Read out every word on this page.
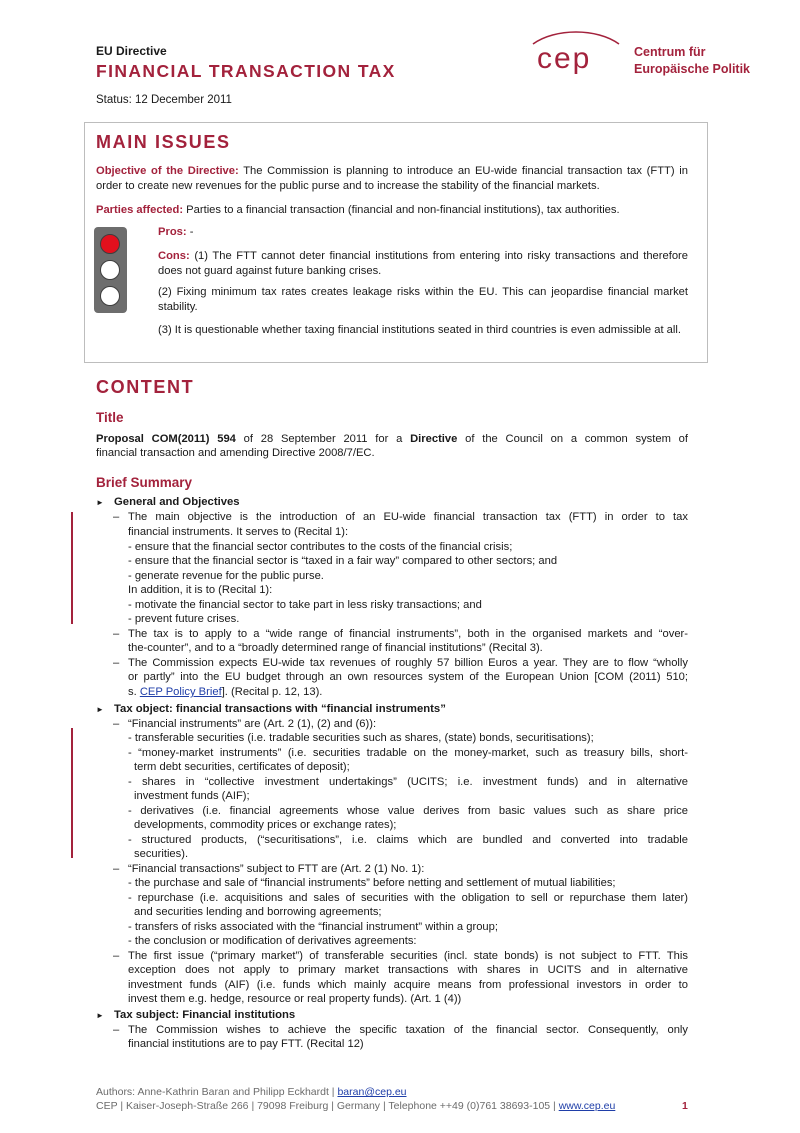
EU Directive
FINANCIAL TRANSACTION TAX
Status: 12 December 2011
cep	Centrum für
Europäische Politik
MAIN ISSUES
Objective of the Directive: The Commission is planning to introduce an EU-wide financial transaction tax (FTT) in order to create new revenues for the public purse and to increase the stability of the financial markets.
Parties affected: Parties to a financial transaction (financial and non-financial institutions), tax authorities.
Pros: -
Cons: (1) The FTT cannot deter financial institutions from entering into risky transactions and therefore does not guard against future banking crises.
(2) Fixing minimum tax rates creates leakage risks within the EU. This can jeopardise financial market stability.
(3) It is questionable whether taxing financial institutions seated in third countries is even admissible at all.
CONTENT
Title
Proposal COM(2011) 594 of 28 September 2011 for a Directive of the Council on a common system of
financial transaction and amending Directive 2008/7/EC.
Brief Summary
► General and Objectives
– The main objective is the introduction of an EU-wide financial transaction tax (FTT) in order to tax
financial instruments. It serves to (Recital 1):
- ensure that the financial sector contributes to the costs of the financial crisis;
- ensure that the financial sector is “taxed in a fair way” compared to other sectors; and
- generate revenue for the public purse.
In addition, it is to (Recital 1):
- motivate the financial sector to take part in less risky transactions; and
- prevent future crises.
– The tax is to apply to a “wide range of financial instruments”, both in the organised markets and “over-
the-counter”, and to a “broadly determined range of financial institutions” (Recital 3).
– The Commission expects EU-wide tax revenues of roughly 57 billion Euros a year. They are to flow “wholly
or partly” into the EU budget through an own resources system of the European Union [COM (2011) 510;
s. CEP Policy Brief]. (Recital p. 12, 13).
► Tax object: financial transactions with “financial instruments”
– “Financial instruments” are (Art. 2 (1), (2) and (6)):
- transferable securities (i.e. tradable securities such as shares, (state) bonds, securitisations);
- “money-market instruments” (i.e. securities tradable on the money-market, such as treasury bills, short-
term debt securities, certificates of deposit);
- shares in “collective investment undertakings” (UCITS; i.e. investment funds) and in alternative
investment funds (AIF);
- derivatives (i.e. financial agreements whose value derives from basic values such as share price
developments, commodity prices or exchange rates);
- structured products, (“securitisations”, i.e. claims which are bundled and converted into tradable
securities).
– “Financial transactions” subject to FTT are (Art. 2 (1) No. 1):
- the purchase and sale of “financial instruments” before netting and settlement of mutual liabilities;
- repurchase (i.e. acquisitions and sales of securities with the obligation to sell or repurchase them later)
and securities lending and borrowing agreements;
- transfers of risks associated with the “financial instrument” within a group;
- the conclusion or modification of derivatives agreements:
– The first issue (“primary market”) of transferable securities (incl. state bonds) is not subject to FTT. This
exception does not apply to primary market transactions with shares in UCITS and in alternative
investment funds (AIF) (i.e. funds which mainly acquire means from professional investors in order to
invest them e.g. hedge, resource or real property funds). (Art. 1 (4))
► Tax subject: Financial institutions
– The Commission wishes to achieve the specific taxation of the financial sector. Consequently, only
financial institutions are to pay FTT. (Recital 12)
Authors: Anne-Kathrin Baran and Philipp Eckhardt | baran@cep.eu
CEP | Kaiser-Joseph-Straße 266 | 79098 Freiburg | Germany | Telephone ++49 (0)761 38693-105 | www.cep.eu	1
